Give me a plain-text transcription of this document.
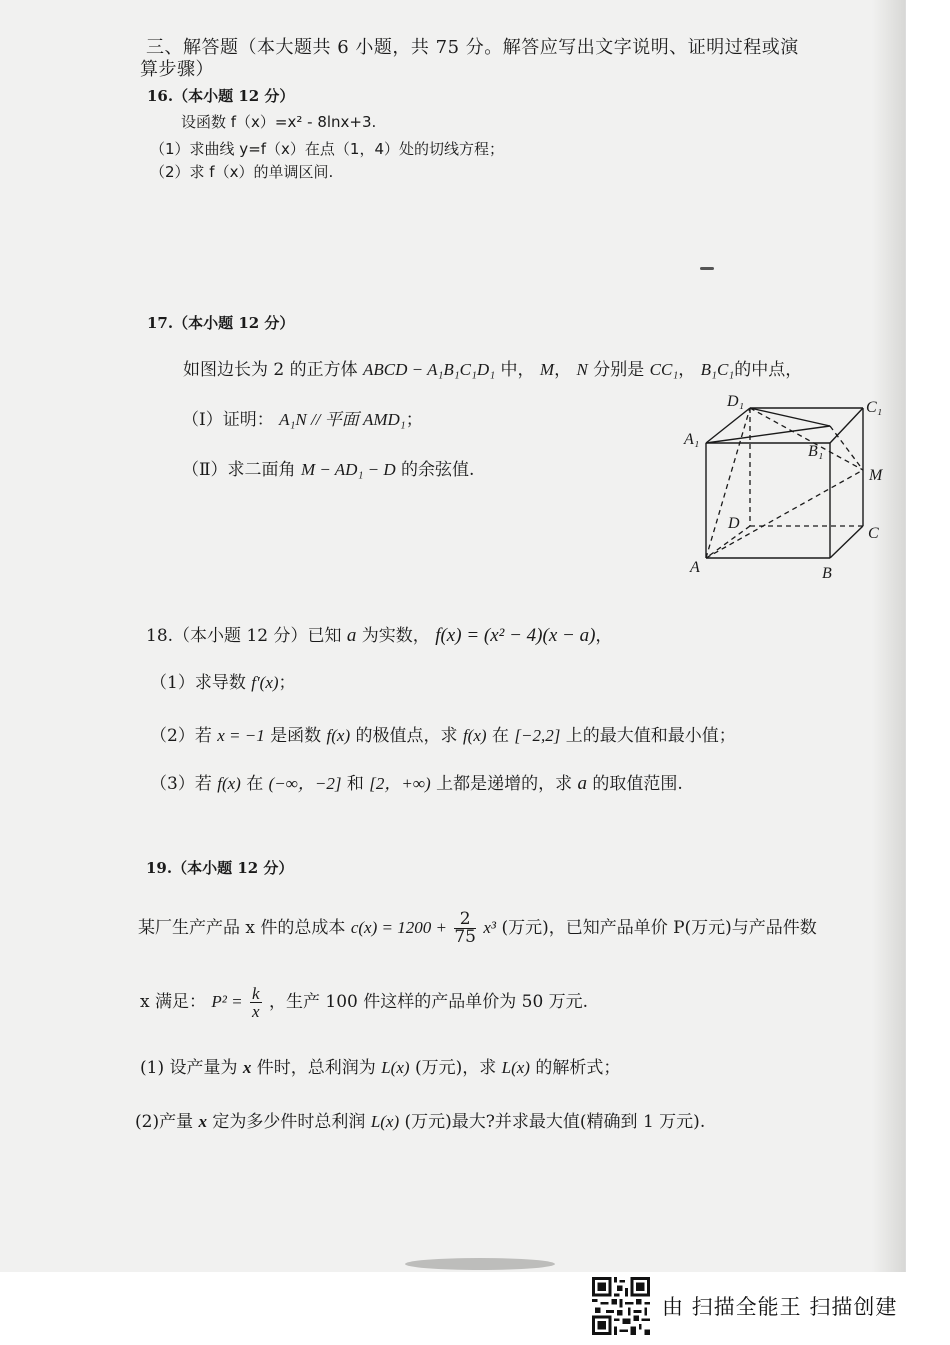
三、解答题（本大题共 6 小题，共 75 分。解答应写出文字说明、证明过程或演
算步骤）
16.（本小题 12 分）
设函数 f（x）=x² - 8lnx+3.
（1）求曲线 y=f（x）在点（1，4）处的切线方程；
（2）求 f（x）的单调区间.
17.（本小题 12 分）
如图边长为 2 的正方体 ABCD − A₁B₁C₁D₁ 中， M， N 分别是 CC₁， B₁C₁的中点，
（Ⅰ）证明： A₁N // 平面 AMD₁；
（Ⅱ）求二面角 M − AD₁ − D 的余弦值.
D₁	C₁
A₁
B₁
M
D
C
A	B
18.（本小题 12 分）已知 a 为实数， f(x) = (x² − 4)(x − a)，
（1）求导数 f′(x)；
（2）若 x = −1 是函数 f(x) 的极值点，求 f(x) 在 [−2,2] 上的最大值和最小值；
（3）若 f(x) 在 (−∞，−2] 和 [2，+∞) 上都是递增的，求 a 的取值范围.
19.（本小题 12 分）
某厂生产产品 x 件的总成本 $c(x) = 1200 + \frac{2}{75} x^3$ (万元)，已知产品单价 P(万元)与产品件数
x 满足： $P^2 = \frac{k}{x}$ ，生产 100 件这样的产品单价为 50 万元.
(1) 设产量为 x 件时，总利润为 L(x) (万元)，求 L(x) 的解析式；
(2)产量 x 定为多少件时总利润 L(x) (万元)最大?并求最大值(精确到 1 万元).
由 扫描全能王 扫描创建
